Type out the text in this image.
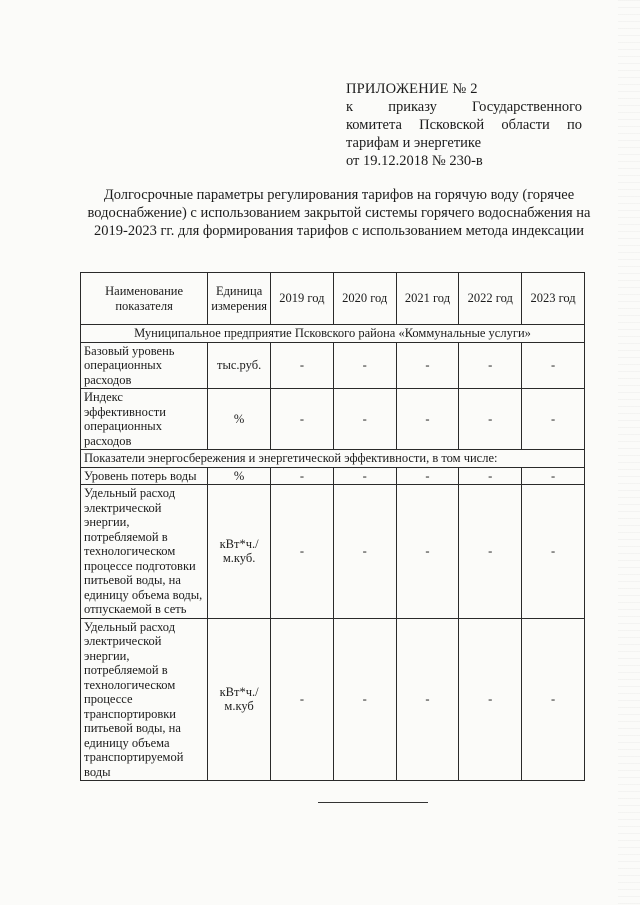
ПРИЛОЖЕНИЕ № 2
к приказу Государственного
комитета Псковской области по
тарифам и энергетике
от 19.12.2018 № 230-в
Долгосрочные параметры регулирования тарифов на горячую воду (горячее водоснабжение) с использованием закрытой системы горячего водоснабжения на 2019-2023 гг. для формирования тарифов с использованием метода индексации
Наименование показателя	Единица измерения	2019 год	2020 год	2021 год	2022 год	2023 год
Муниципальное предприятие Псковского района «Коммунальные услуги»						
Базовый уровень операционных расходов	тыс.руб.	-	-	-	-	-
Индекс эффективности операционных расходов	%	-	-	-	-	-
Показатели энергосбережения и энергетической эффективности, в том числе:						
Уровень потерь воды	%	-	-	-	-	-
Удельный расход электрической энергии, потребляемой в технологическом процессе подготовки питьевой воды, на единицу объема воды, отпускаемой в сеть	кВт*ч./м.куб.	-	-	-	-	-
Удельный расход электрической энергии, потребляемой в технологическом процессе транспортировки питьевой воды, на единицу объема транспортируемой воды	кВт*ч./м.куб	-	-	-	-	-
